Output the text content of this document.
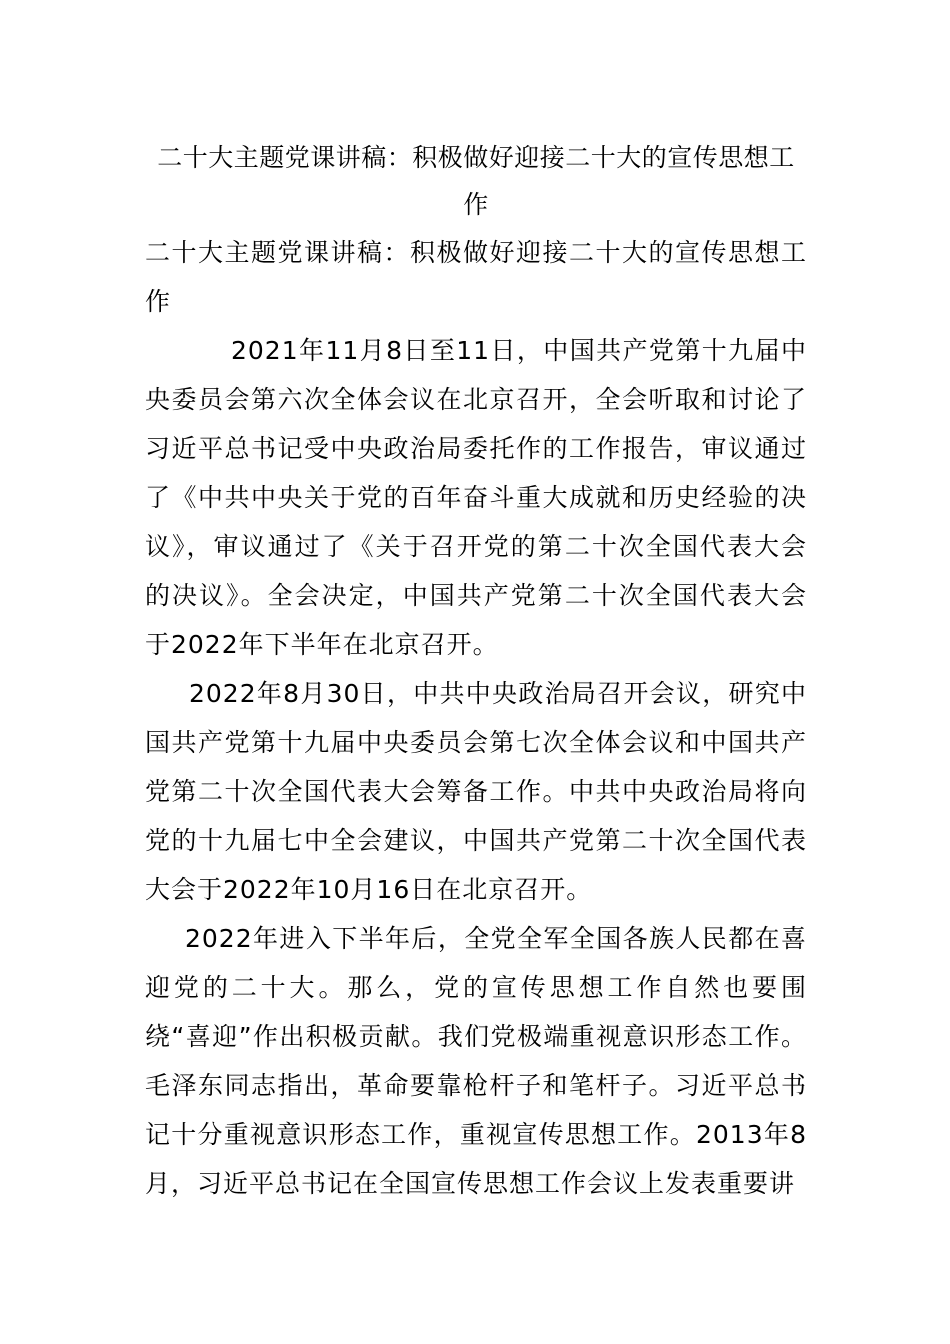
二十大主题党课讲稿：积极做好迎接二十大的宣传思想工作

二十大主题党课讲稿：积极做好迎接二十大的宣传思想工作

2021年11月8日至11日，中国共产党第十九届中央委员会第六次全体会议在北京召开，全会听取和讨论了习近平总书记受中央政治局委托作的工作报告，审议通过了《中共中央关于党的百年奋斗重大成就和历史经验的决议》，审议通过了《关于召开党的第二十次全国代表大会的决议》。全会决定，中国共产党第二十次全国代表大会于2022年下半年在北京召开。

2022年8月30日，中共中央政治局召开会议，研究中国共产党第十九届中央委员会第七次全体会议和中国共产党第二十次全国代表大会筹备工作。中共中央政治局将向党的十九届七中全会建议，中国共产党第二十次全国代表大会于2022年10月16日在北京召开。

2022年进入下半年后，全党全军全国各族人民都在喜迎党的二十大。那么，党的宣传思想工作自然也要围绕“喜迎”作出积极贡献。我们党极端重视意识形态工作。毛泽东同志指出，革命要靠枪杆子和笔杆子。习近平总书记十分重视意识形态工作，重视宣传思想工作。2013年8月，习近平总书记在全国宣传思想工作会议上发表重要讲
